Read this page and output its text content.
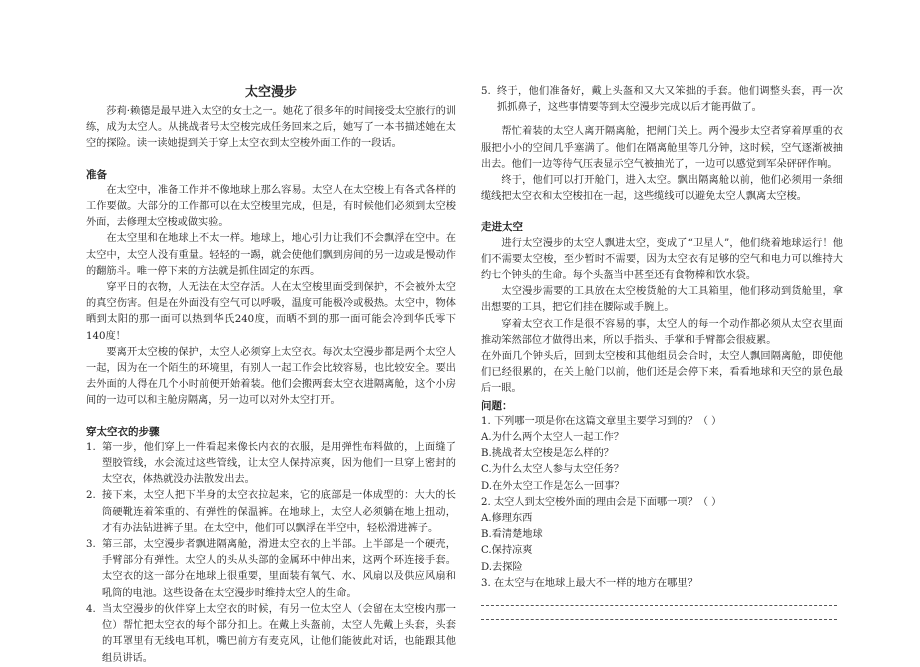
太空漫步

莎莉·赖德是最早进入太空的女士之一。她花了很多年的时间接受太空旅行的训练，成为太空人。从挑战者号太空梭完成任务回来之后，她写了一本书描述她在太空的探险。读一读她提到关于穿上太空衣到太空梭外面工作的一段话。

准备

在太空中，准备工作并不像地球上那么容易。太空人在太空梭上有各式各样的工作要做。大部分的工作都可以在太空梭里完成，但是，有时候他们必须到太空梭外面，去修理太空梭或做实验。

在太空里和在地球上不太一样。地球上，地心引力让我们不会飘浮在空中。在太空中，太空人没有重量。轻轻的一踢，就会使他们飘到房间的另一边或是慢动作的翻筋斗。唯一停下来的方法就是抓住固定的东西。

穿平日的衣物，人无法在太空存活。人在太空梭里面受到保护，不会被外太空的真空伤害。但是在外面没有空气可以呼吸，温度可能极冷或极热。太空中，物体晒到太阳的那一面可以热到华氏240度，而晒不到的那一面可能会冷到华氏零下140度！

要离开太空梭的保护，太空人必须穿上太空衣。每次太空漫步都是两个太空人一起，因为在一个陌生的环境里，有别人一起工作会比较容易，也比较安全。要出去外面的人得在几个小时前便开始着装。他们会搬两套太空衣进隔离舱，这个小房间的一边可以和主舱房隔离，另一边可以对外太空打开。

穿太空衣的步骤
1. 第一步，他们穿上一件看起来像长内衣的衣服，是用弹性布料做的，上面缝了塑胶管线，水会流过这些管线，让太空人保持凉爽，因为他们一旦穿上密封的太空衣，体热就没办法散发出去。
2. 接下来，太空人把下半身的太空衣拉起来，它的底部是一体成型的：大大的长筒硬靴连着笨重的、有弹性的保温裤。在地球上，太空人必须躺在地上扭动，才有办法钻进裤子里。在太空中，他们可以飘浮在半空中，轻松滑进裤子。
3. 第三部，太空漫步者飘进隔离舱，滑进太空衣的上半部。上半部是一个硬壳，手臂部分有弹性。太空人的头从头部的金属环中伸出来，这两个环连接手套。太空衣的这一部分在地球上很重要，里面装有氧气、水、风扇以及供应风扇和吼筒的电池。这些设备在太空漫步时维持太空人的生命。
4. 当太空漫步的伙伴穿上太空衣的时候，有另一位太空人（会留在太空梭内那一位）帮忙把太空衣的每个部分扣上。在戴上头盔前，太空人先戴上头套，头套的耳罩里有无线电耳机，嘴巴前方有麦克风，让他们能彼此对话，也能跟其他组员讲话。
5. 终于，他们准备好，戴上头盔和又大又笨拙的手套。他们调整头套，再一次抓抓鼻子，这些事情要等到太空漫步完成以后才能再做了。

帮忙着装的太空人离开隔离舱，把闸门关上。两个漫步太空者穿着厚重的衣服把小小的空间几乎塞满了。他们在隔离舱里等几分钟，这时候，空气逐渐被抽出去。他们一边等待气压表显示空气被抽光了，一边可以感觉到军朵砰砰作响。

终于，他们可以打开舱门，进入太空。飘出隔离舱以前，他们必须用一条细缆线把太空衣和太空梭扣在一起，这些缆线可以避免太空人飘离太空梭。

走进太空

进行太空漫步的太空人飘进太空，变成了“卫星人”，他们绕着地球运行！他们不需要太空梭，至少暂时不需要，因为太空衣有足够的空气和电力可以维持大约七个钟头的生命。每个头盔当中甚至还有食物棒和饮水袋。

太空漫步需要的工具放在太空梭货舱的大工具箱里，他们移动到货舱里，拿出想要的工具，把它们挂在腰际或手腕上。

穿着太空衣工作是很不容易的事，太空人的每一个动作都必须从太空衣里面推动笨然部位才做得出来，所以手指头、手掌和手臂都会很疲累。

在外面几个钟头后，回到太空梭和其他组员会合时，太空人飘回隔离舱，即使他们已经很累的，在关上舱门以前，他们还是会停下来，看看地球和天空的景色最后一眼。

问题：

1. 下列哪一项是你在这篇文章里主要学习到的？（ ）

A.为什么两个太空人一起工作？

B.挑战者太空梭是怎么样的？

C.为什么太空人参与太空任务？

D.在外太空工作是怎么一回事？

2. 太空人到太空梭外面的理由会是下面哪一项？（ ）

A.修理东西

B.看清楚地球

C.保持凉爽

D.去探险

3. 在太空与在地球上最大不一样的地方在哪里？
